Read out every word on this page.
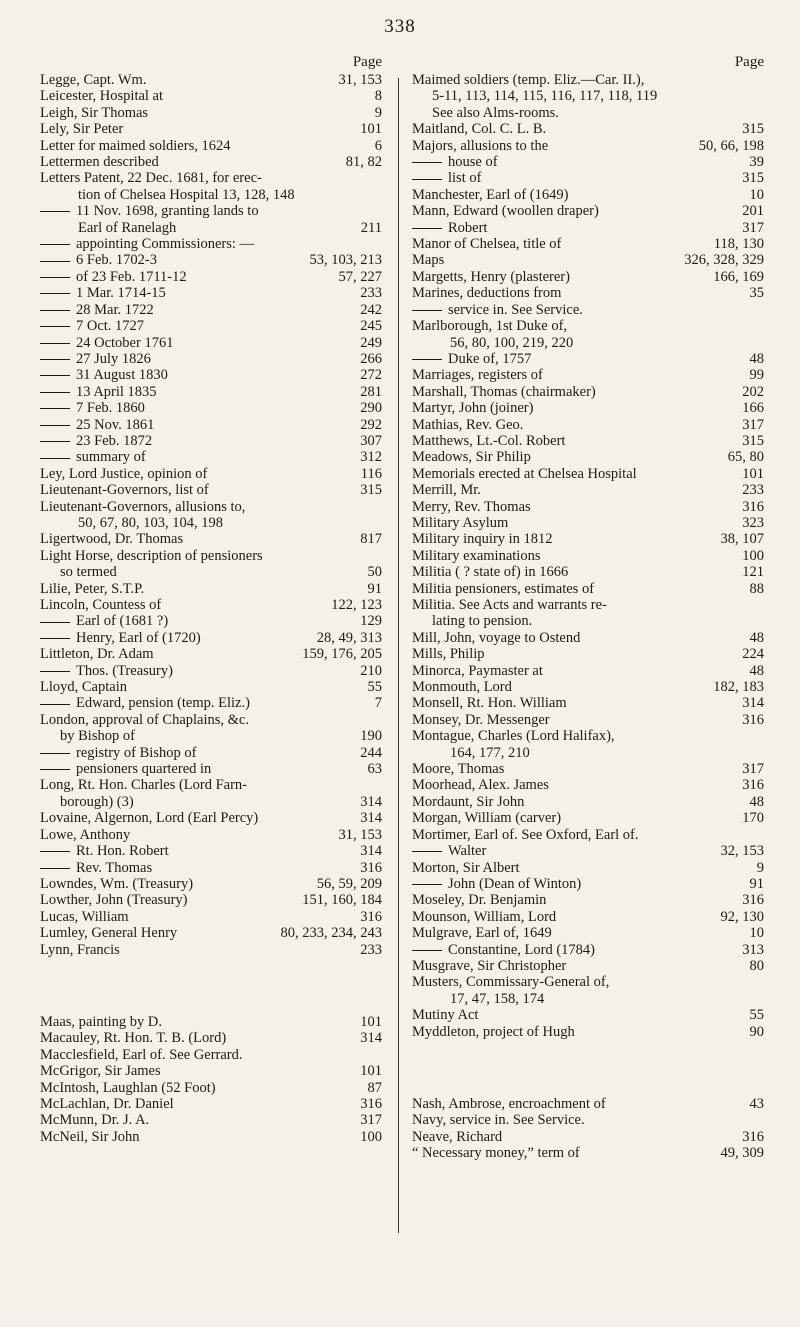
338
Page
Legge, Capt. Wm.	31, 153
Leicester, Hospital at	8
Leigh, Sir Thomas	9
Lely, Sir Peter	101
Letter for maimed soldiers, 1624	6
Lettermen described	81, 82
Letters Patent, 22 Dec. 1681, for erec-
tion of Chelsea Hospital 13, 128, 148
11 Nov. 1698, granting lands to
Earl of Ranelagh	211
appointing Commissioners: —
6 Feb. 1702-3	53, 103, 213
of 23 Feb. 1711-12	57, 227
1 Mar. 1714-15	233
28 Mar. 1722	242
7 Oct. 1727	245
24 October 1761	249
27 July 1826	266
31 August 1830	272
13 April 1835	281
7 Feb. 1860	290
25 Nov. 1861	292
23 Feb. 1872	307
summary of	312
Ley, Lord Justice, opinion of	116
Lieutenant-Governors, list of	315
Lieutenant-Governors, allusions to,
50, 67, 80, 103, 104, 198
Ligertwood, Dr. Thomas	817
Light Horse, description of pensioners
so termed	50
Lilie, Peter, S.T.P.	91
Lincoln, Countess of	122, 123
Earl of (1681 ?)	129
Henry, Earl of (1720)	28, 49, 313
Littleton, Dr. Adam	159, 176, 205
Thos. (Treasury)	210
Lloyd, Captain	55
Edward, pension (temp. Eliz.)	7
London, approval of Chaplains, &c.
by Bishop of	190
registry of Bishop of	244
pensioners quartered in	63
Long, Rt. Hon. Charles (Lord Farn-
borough) (3)	314
Lovaine, Algernon, Lord (Earl Percy)	314
Lowe, Anthony	31, 153
Rt. Hon. Robert	314
Rev. Thomas	316
Lowndes, Wm. (Treasury)	56, 59, 209
Lowther, John (Treasury)	151, 160, 184
Lucas, William	316
Lumley, General Henry	80, 233, 234, 243
Lynn, Francis	233
Maas, painting by D.	101
Macauley, Rt. Hon. T. B. (Lord)	314
Macclesfield, Earl of. See Gerrard.
McGrigor, Sir James	101
McIntosh, Laughlan (52 Foot)	87
McLachlan, Dr. Daniel	316
McMunn, Dr. J. A.	317
McNeil, Sir John	100
Page
Maimed soldiers (temp. Eliz.—Car. II.),
5-11, 113, 114, 115, 116, 117, 118, 119
See also Alms-rooms.
Maitland, Col. C. L. B.	315
Majors, allusions to the	50, 66, 198
house of	39
list of	315
Manchester, Earl of (1649)	10
Mann, Edward (woollen draper)	201
Robert	317
Manor of Chelsea, title of	118, 130
Maps	326, 328, 329
Margetts, Henry (plasterer)	166, 169
Marines, deductions from	35
service in. See Service.
Marlborough, 1st Duke of,
56, 80, 100, 219, 220
Duke of, 1757	48
Marriages, registers of	99
Marshall, Thomas (chairmaker)	202
Martyr, John (joiner)	166
Mathias, Rev. Geo.	317
Matthews, Lt.-Col. Robert	315
Meadows, Sir Philip	65, 80
Memorials erected at Chelsea Hospital	101
Merrill, Mr.	233
Merry, Rev. Thomas	316
Military Asylum	323
Military inquiry in 1812	38, 107
Military examinations	100
Militia ( ? state of) in 1666	121
Militia pensioners, estimates of	88
Militia. See Acts and warrants re-
lating to pension.
Mill, John, voyage to Ostend	48
Mills, Philip	224
Minorca, Paymaster at	48
Monmouth, Lord	182, 183
Monsell, Rt. Hon. William	314
Monsey, Dr. Messenger	316
Montague, Charles (Lord Halifax),
164, 177, 210
Moore, Thomas	317
Moorhead, Alex. James	316
Mordaunt, Sir John	48
Morgan, William (carver)	170
Mortimer, Earl of. See Oxford, Earl of.
Walter	32, 153
Morton, Sir Albert	9
John (Dean of Winton)	91
Moseley, Dr. Benjamin	316
Mounson, William, Lord	92, 130
Mulgrave, Earl of, 1649	10
Constantine, Lord (1784)	313
Musgrave, Sir Christopher	80
Musters, Commissary-General of,
17, 47, 158, 174
Mutiny Act	55
Myddleton, project of Hugh	90
Nash, Ambrose, encroachment of	43
Navy, service in. See Service.
Neave, Richard	316
“ Necessary money,” term of	49, 309
